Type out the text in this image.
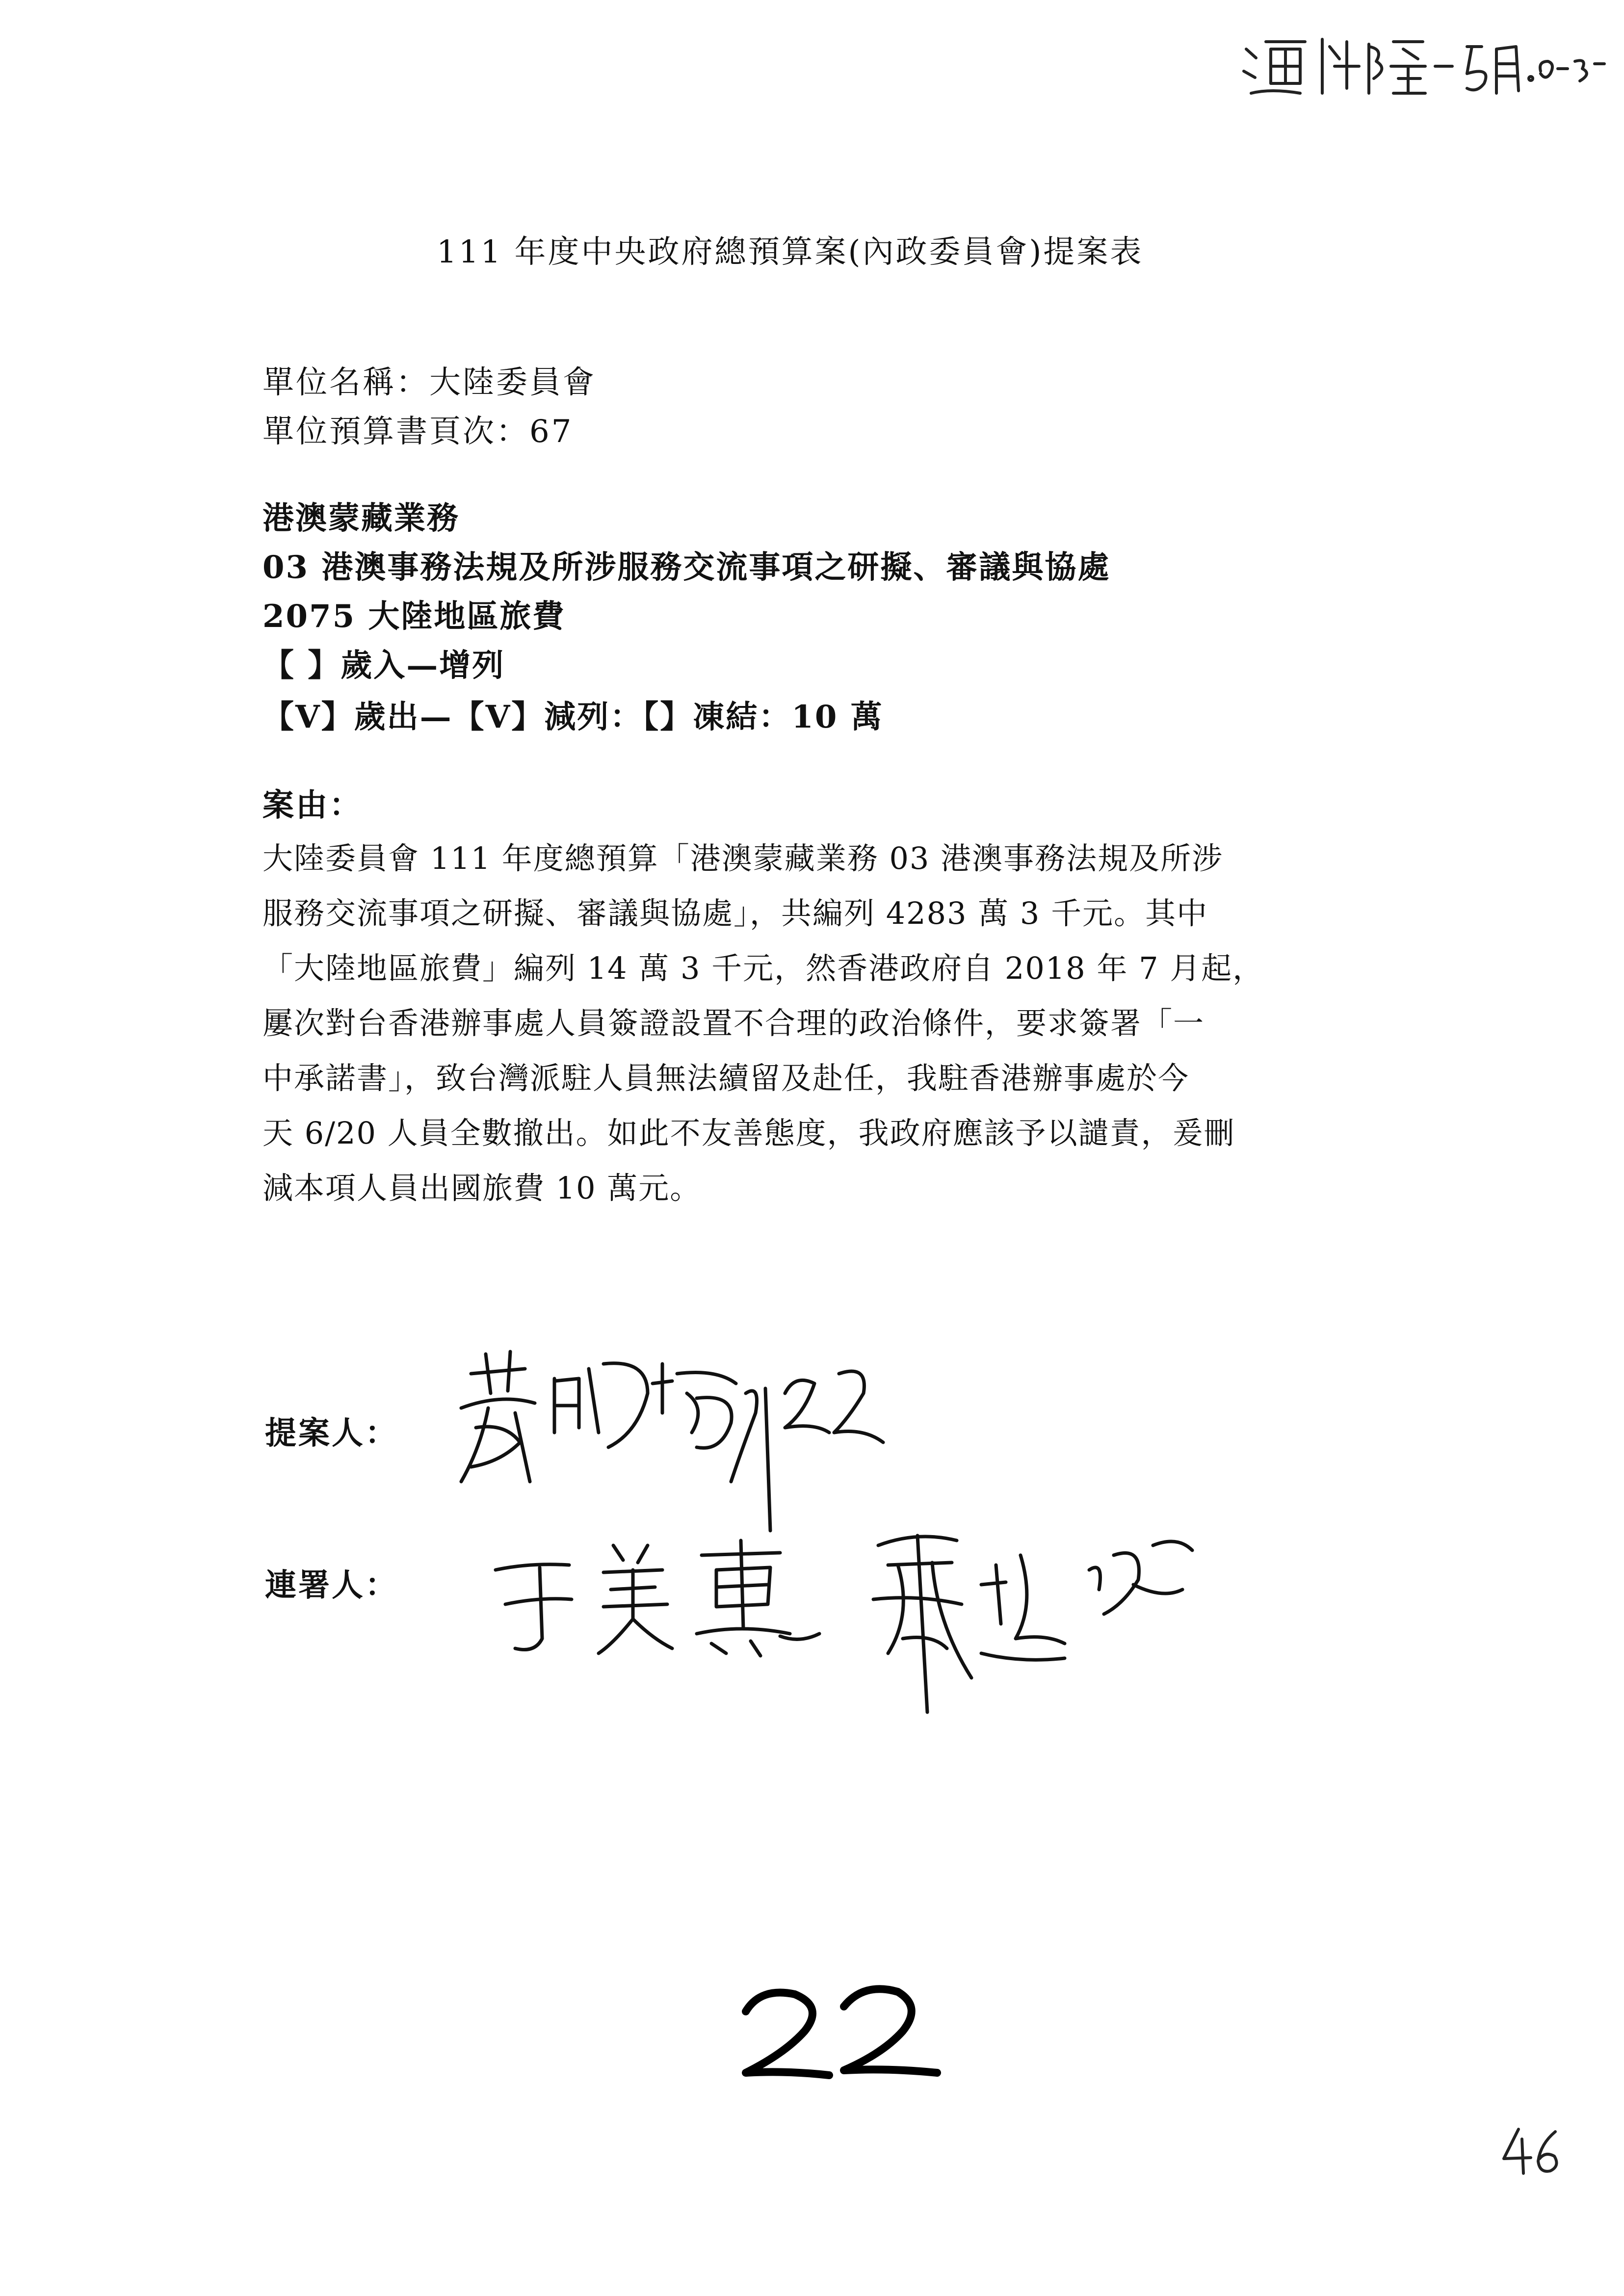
111 年度中央政府總預算案(內政委員會)提案表
單位名稱：大陸委員會
單位預算書頁次：67
港澳蒙藏業務
03 港澳事務法規及所涉服務交流事項之研擬、審議與協處
2075 大陸地區旅費
【 】歲入—增列
【V】歲出—【V】減列：【】凍結：10 萬
案由：
大陸委員會 111 年度總預算「港澳蒙藏業務 03 港澳事務法規及所涉
服務交流事項之研擬、審議與協處」，共編列 4283 萬 3 千元。其中
「大陸地區旅費」編列 14 萬 3 千元，然香港政府自 2018 年 7 月起，
屢次對台香港辦事處人員簽證設置不合理的政治條件，要求簽署「一
中承諾書」，致台灣派駐人員無法續留及赴任，我駐香港辦事處於今
天 6/20 人員全數撤出。如此不友善態度，我政府應該予以譴責，爰刪
減本項人員出國旅費 10 萬元。
提案人：
連署人：
